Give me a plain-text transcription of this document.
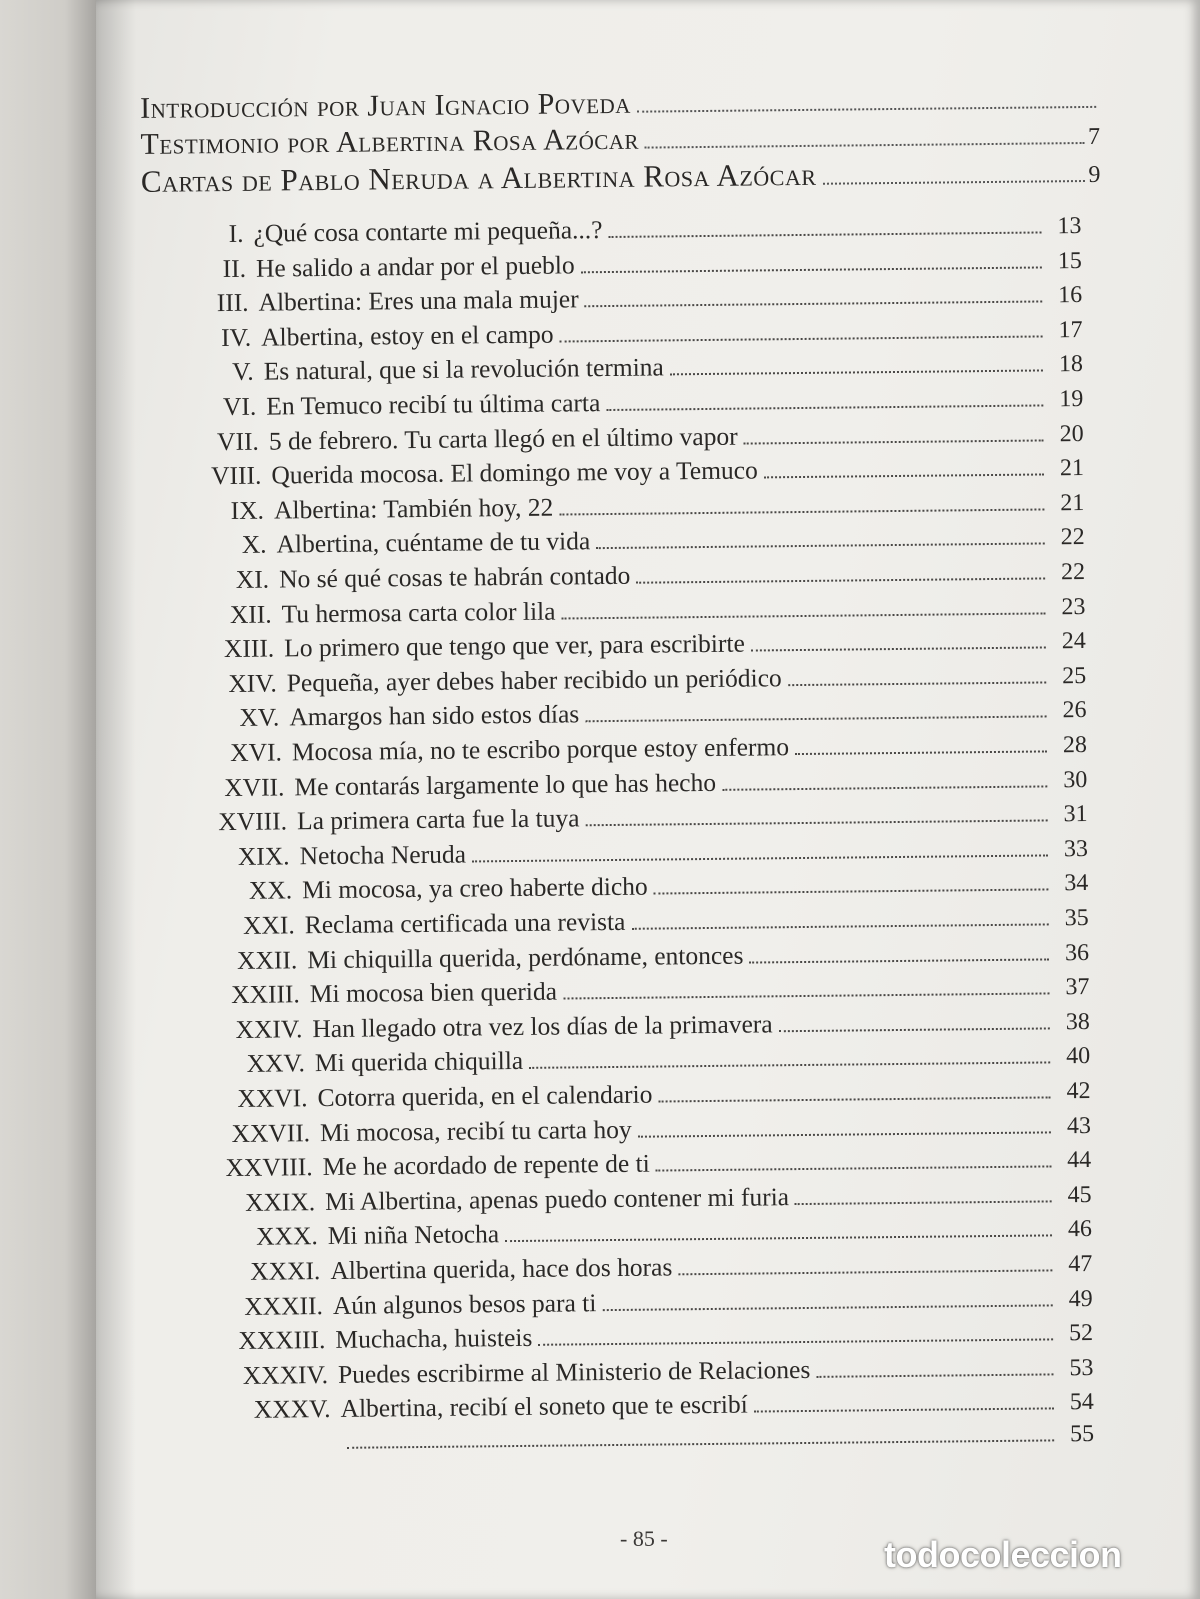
Introducción por Juan Ignacio Poveda
Testimonio por Albertina Rosa Azócar	7
Cartas de Pablo Neruda a Albertina Rosa Azócar	9
I. ¿Qué cosa contarte mi pequeña...?	13
II. He salido a andar por el pueblo	15
III. Albertina: Eres una mala mujer	16
IV. Albertina, estoy en el campo	17
V. Es natural, que si la revolución termina	18
VI. En Temuco recibí tu última carta	19
VII. 5 de febrero. Tu carta llegó en el último vapor	20
VIII. Querida mocosa. El domingo me voy a Temuco	21
IX. Albertina: También hoy, 22	21
X. Albertina, cuéntame de tu vida	22
XI. No sé qué cosas te habrán contado	22
XII. Tu hermosa carta color lila	23
XIII. Lo primero que tengo que ver, para escribirte	24
XIV. Pequeña, ayer debes haber recibido un periódico	25
XV. Amargos han sido estos días	26
XVI. Mocosa mía, no te escribo porque estoy enfermo	28
XVII. Me contarás largamente lo que has hecho	30
XVIII. La primera carta fue la tuya	31
XIX. Netocha Neruda	33
XX. Mi mocosa, ya creo haberte dicho	34
XXI. Reclama certificada una revista	35
XXII. Mi chiquilla querida, perdóname, entonces	36
XXIII. Mi mocosa bien querida	37
XXIV. Han llegado otra vez los días de la primavera	38
XXV. Mi querida chiquilla	40
XXVI. Cotorra querida, en el calendario	42
XXVII. Mi mocosa, recibí tu carta hoy	43
XXVIII. Me he acordado de repente de ti	44
XXIX. Mi Albertina, apenas puedo contener mi furia	45
XXX. Mi niña Netocha	46
XXXI. Albertina querida, hace dos horas	47
XXXII. Aún algunos besos para ti	49
XXXIII. Muchacha, huisteis	52
XXXIV. Puedes escribirme al Ministerio de Relaciones	53
XXXV. Albertina, recibí el soneto que te escribí	54
55
- 85 -	todocoleccion
